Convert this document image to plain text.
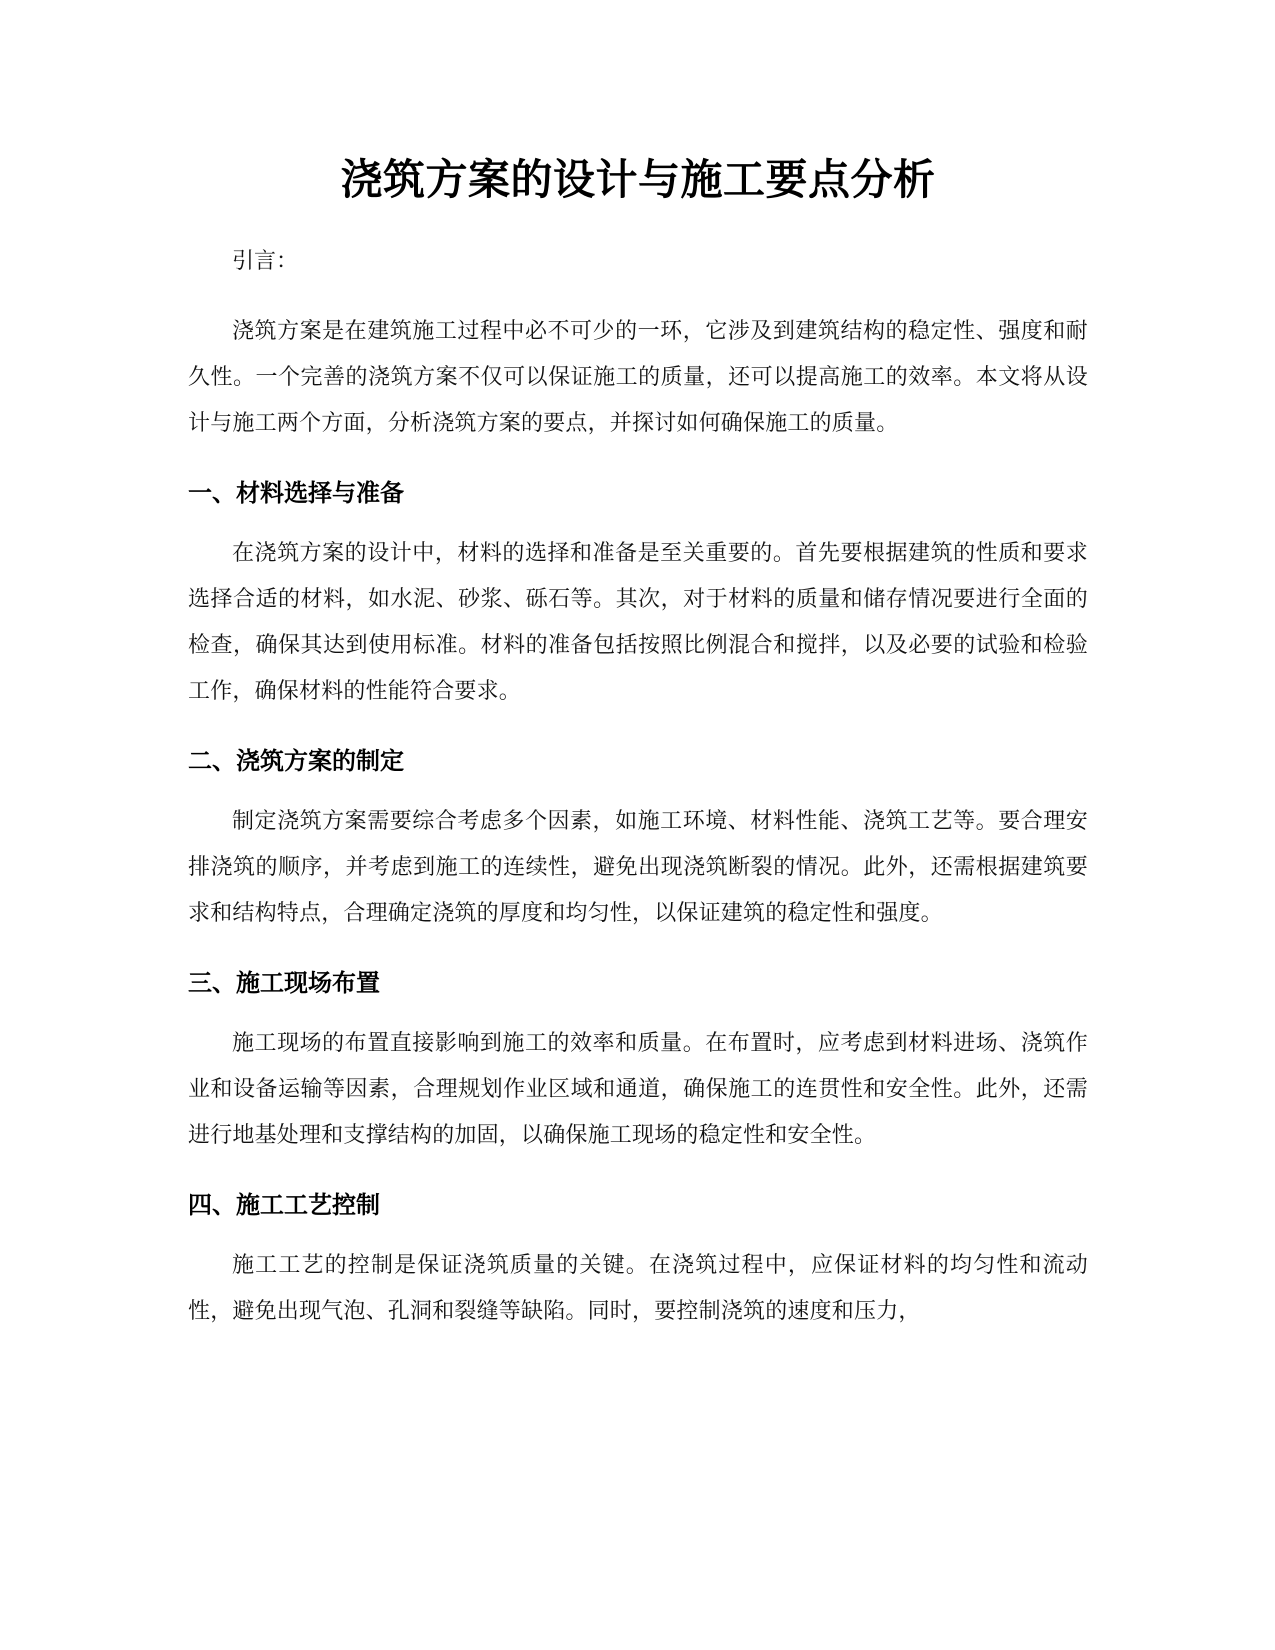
浇筑方案的设计与施工要点分析

引言：

浇筑方案是在建筑施工过程中必不可少的一环，它涉及到建筑结构的稳定性、强度和耐久性。一个完善的浇筑方案不仅可以保证施工的质量，还可以提高施工的效率。本文将从设计与施工两个方面，分析浇筑方案的要点，并探讨如何确保施工的质量。

一、材料选择与准备

在浇筑方案的设计中，材料的选择和准备是至关重要的。首先要根据建筑的性质和要求选择合适的材料，如水泥、砂浆、砾石等。其次，对于材料的质量和储存情况要进行全面的检查，确保其达到使用标准。材料的准备包括按照比例混合和搅拌，以及必要的试验和检验工作，确保材料的性能符合要求。

二、浇筑方案的制定

制定浇筑方案需要综合考虑多个因素，如施工环境、材料性能、浇筑工艺等。要合理安排浇筑的顺序，并考虑到施工的连续性，避免出现浇筑断裂的情况。此外，还需根据建筑要求和结构特点，合理确定浇筑的厚度和均匀性，以保证建筑的稳定性和强度。

三、施工现场布置

施工现场的布置直接影响到施工的效率和质量。在布置时，应考虑到材料进场、浇筑作业和设备运输等因素，合理规划作业区域和通道，确保施工的连贯性和安全性。此外，还需进行地基处理和支撑结构的加固，以确保施工现场的稳定性和安全性。

四、施工工艺控制

施工工艺的控制是保证浇筑质量的关键。在浇筑过程中，应保证材料的均匀性和流动性，避免出现气泡、孔洞和裂缝等缺陷。同时，要控制浇筑的速度和压力，
